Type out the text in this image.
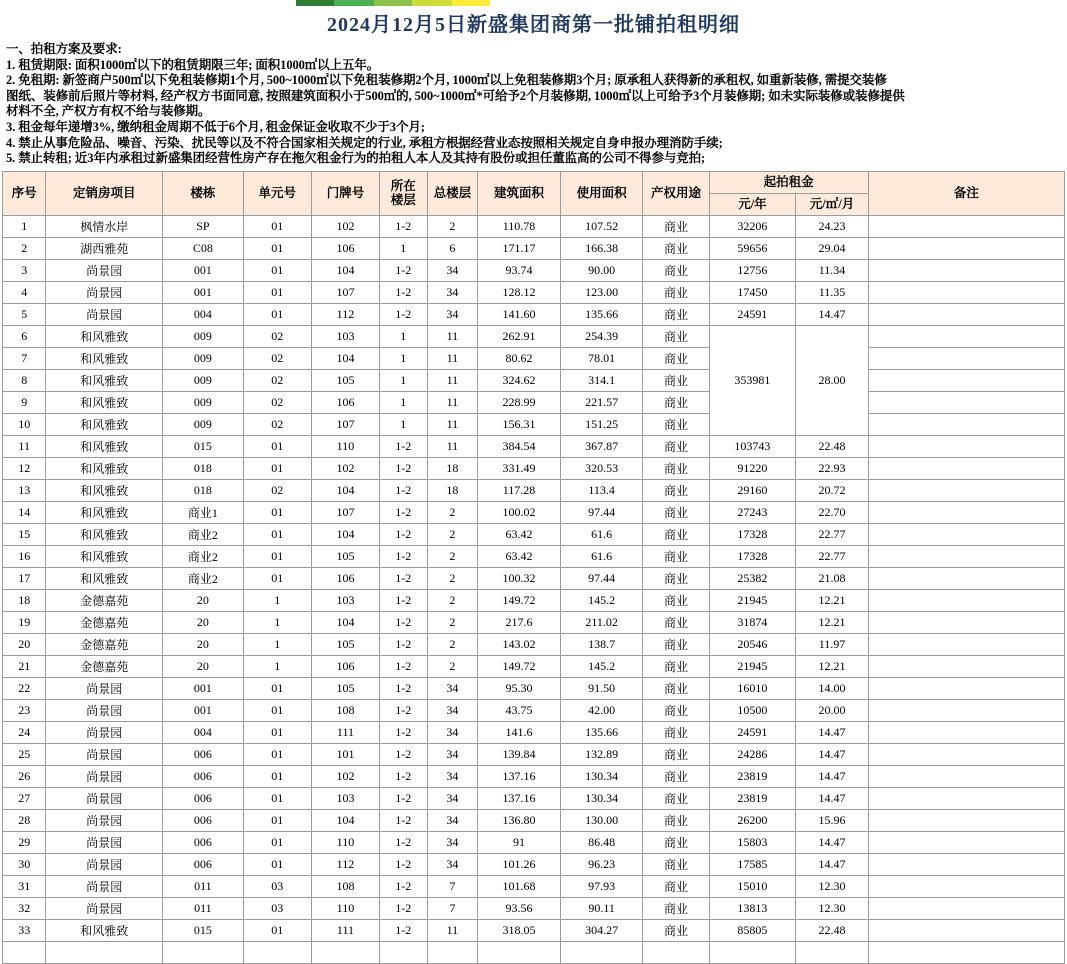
2024月12月5日新盛集团商第一批铺拍租明细
一、拍租方案及要求:
1. 租赁期限: 面积1000㎡以下的租赁期限三年; 面积1000㎡以上五年。
2. 免租期: 新签商户500㎡以下免租装修期1个月, 500~1000㎡以下免租装修期2个月, 1000㎡以上免租装修期3个月; 原承租人获得新的承租权, 如重新装修, 需提交装修
图纸、装修前后照片等材料, 经产权方书面同意, 按照建筑面积小于500㎡的, 500~1000㎡*可给予2个月装修期, 1000㎡以上可给予3个月装修期; 如未实际装修或装修提供
材料不全, 产权方有权不给与装修期。
3. 租金每年递增3%, 缴纳租金周期不低于6个月, 租金保证金收取不少于3个月;
4. 禁止从事危险品、噪音、污染、扰民等以及不符合国家相关规定的行业, 承租方根据经营业态按照相关规定自身申报办理消防手续;
5. 禁止转租; 近3年内承租过新盛集团经营性房产存在拖欠租金行为的拍租人本人及其持有股份或担任董监高的公司不得参与竞拍;
序号	定销房项目	楼栋	单元号	门牌号	所在
楼层	总楼层	建筑面积	使用面积	产权用途	起拍租金		备注
										元/年	元/㎡/月	
1	枫情水岸	SP	01	102	1-2	2	110.78	107.52	商业	32206	24.23	
2	湖西雅苑	C08	01	106	1	6	171.17	166.38	商业	59656	29.04	
3	尚景园	001	01	104	1-2	34	93.74	90.00	商业	12756	11.34	
4	尚景园	001	01	107	1-2	34	128.12	123.00	商业	17450	11.35	
5	尚景园	004	01	112	1-2	34	141.60	135.66	商业	24591	14.47	
6	和风雅致	009	02	103	1	11	262.91	254.39	商业	353981	28.00	
7	和风雅致	009	02	104	1	11	80.62	78.01	商业			
8	和风雅致	009	02	105	1	11	324.62	314.1	商业			
9	和风雅致	009	02	106	1	11	228.99	221.57	商业			
10	和风雅致	009	02	107	1	11	156.31	151.25	商业			
11	和风雅致	015	01	110	1-2	11	384.54	367.87	商业	103743	22.48	
12	和风雅致	018	01	102	1-2	18	331.49	320.53	商业	91220	22.93	
13	和风雅致	018	02	104	1-2	18	117.28	113.4	商业	29160	20.72	
14	和风雅致	商业1	01	107	1-2	2	100.02	97.44	商业	27243	22.70	
15	和风雅致	商业2	01	104	1-2	2	63.42	61.6	商业	17328	22.77	
16	和风雅致	商业2	01	105	1-2	2	63.42	61.6	商业	17328	22.77	
17	和风雅致	商业2	01	106	1-2	2	100.32	97.44	商业	25382	21.08	
18	金德嘉苑	20	1	103	1-2	2	149.72	145.2	商业	21945	12.21	
19	金德嘉苑	20	1	104	1-2	2	217.6	211.02	商业	31874	12.21	
20	金德嘉苑	20	1	105	1-2	2	143.02	138.7	商业	20546	11.97	
21	金德嘉苑	20	1	106	1-2	2	149.72	145.2	商业	21945	12.21	
22	尚景园	001	01	105	1-2	34	95.30	91.50	商业	16010	14.00	
23	尚景园	001	01	108	1-2	34	43.75	42.00	商业	10500	20.00	
24	尚景园	004	01	111	1-2	34	141.6	135.66	商业	24591	14.47	
25	尚景园	006	01	101	1-2	34	139.84	132.89	商业	24286	14.47	
26	尚景园	006	01	102	1-2	34	137.16	130.34	商业	23819	14.47	
27	尚景园	006	01	103	1-2	34	137.16	130.34	商业	23819	14.47	
28	尚景园	006	01	104	1-2	34	136.80	130.00	商业	26200	15.96	
29	尚景园	006	01	110	1-2	34	91	86.48	商业	15803	14.47	
30	尚景园	006	01	112	1-2	34	101.26	96.23	商业	17585	14.47	
31	尚景园	011	03	108	1-2	7	101.68	97.93	商业	15010	12.30	
32	尚景园	011	03	110	1-2	7	93.56	90.11	商业	13813	12.30	
33	和风雅致	015	01	111	1-2	11	318.05	304.27	商业	85805	22.48	
